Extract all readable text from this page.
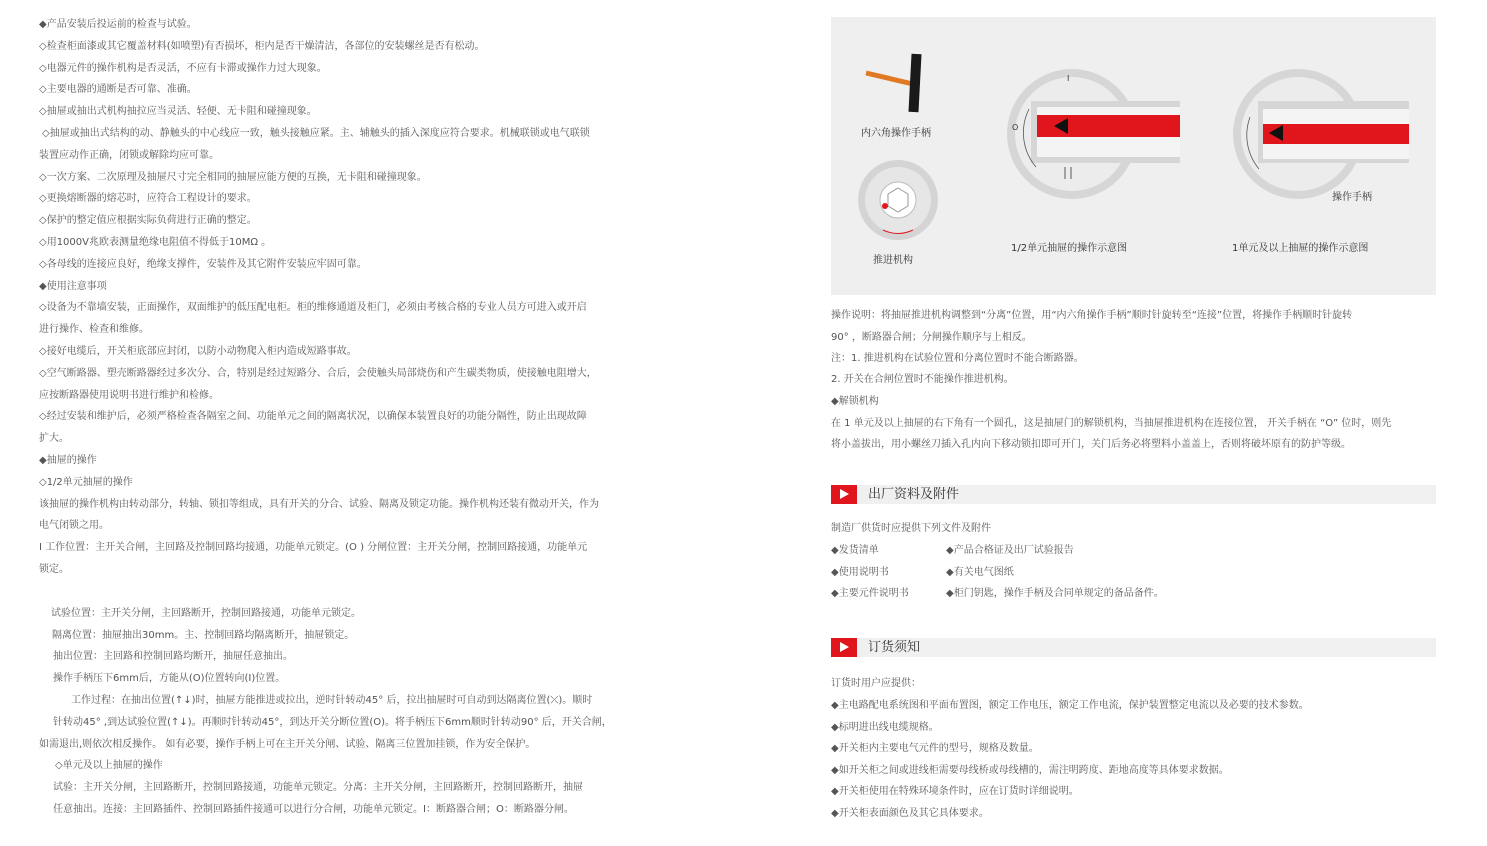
◆产品安装后投运前的检查与试验。

◇检查柜面漆或其它覆盖材料(如喷塑)有否损坏，柜内是否干燥清洁，各部位的安装螺丝是否有松动。

◇电器元件的操作机构是否灵活，不应有卡滞或操作力过大现象。

◇主要电器的通断是否可靠、准确。

◇抽屉或抽出式机构抽拉应当灵活、轻便、无卡阻和碰撞现象。

◇抽屉或抽出式结构的动、静触头的中心线应一致，触头接触应紧。主、辅触头的插入深度应符合要求。机械联锁或电气联锁

装置应动作正确，闭锁或解除均应可靠。

◇一次方案、二次原理及抽屉尺寸完全相同的抽屉应能方便的互换，无卡阻和碰撞现象。

◇更换熔断器的熔芯时，应符合工程设计的要求。

◇保护的整定值应根据实际负荷进行正确的整定。

◇用1000V兆欧表测量绝缘电阻值不得低于10MΩ 。

◇各母线的连接应良好，绝缘支撑件，安装件及其它附件安装应牢固可靠。

◆使用注意事项

◇设备为不靠墙安装，正面操作，双面维护的低压配电柜。柜的维修通道及柜门，必须由考核合格的专业人员方可进入或开启

进行操作、检查和维修。

◇接好电缆后，开关柜底部应封闭，以防小动物爬入柜内造成短路事故。

◇空气断路器、塑壳断路器经过多次分、合，特别是经过短路分、合后，会使触头局部烧伤和产生碳类物质，使接触电阻增大，

应按断路器使用说明书进行维护和检修。

◇经过安装和维护后，必须严格检查各隔室之间、功能单元之间的隔离状况，以确保本装置良好的功能分隔性，防止出现故障

扩大。

◆抽屉的操作

◇1/2单元抽屉的操作

该抽屉的操作机构由转动部分，转轴、锁扣等组成，具有开关的分合、试验、隔离及锁定功能。操作机构还装有微动开关，作为

电气闭锁之用。

I 工作位置：主开关合闸，主回路及控制回路均接通，功能单元锁定。(O ) 分闸位置：主开关分闸，控制回路接通，功能单元

锁定。

试验位置：主开关分闸，主回路断开，控制回路接通，功能单元锁定。

隔离位置：抽屉抽出30mm。主、控制回路均隔离断开，抽屉锁定。

抽出位置：主回路和控制回路均断开，抽屉任意抽出。

操作手柄压下6mm后，方能从(O)位置转向(I)位置。

工作过程：在抽出位置(↑↓)时，抽屉方能推进或拉出，逆时针转动45° 后，拉出抽屉时可自动到达隔离位置(⤫)。顺时

针转动45° ,到达试验位置(↑↓)。再顺时针转动45°，到达开关分断位置(O)。将手柄压下6mm顺时针转动90° 后，开关合闸，

如需退出,则依次相反操作。 如有必要，操作手柄上可在主开关分闸、试验、隔离三位置加挂锁，作为安全保护。

◇单元及以上抽屉的操作

试验：主开关分闸，主回路断开，控制回路接通，功能单元锁定。分离：主开关分闸，主回路断开，控制回路断开，抽屉

任意抽出。连接：主回路插件、控制回路插件接通可以进行分合闸，功能单元锁定。I：断路器合闸；O：断路器分闸。

内六角操作手柄
推进机构
1/2单元抽屉的操作示意图	1单元及以上抽屉的操作示意图
操作手柄
I
O

操作说明：将抽屉推进机构调整到“分离”位置，用“内六角操作手柄”顺时针旋转至“连接”位置，将操作手柄顺时针旋转

90° ，断路器合闸；分闸操作顺序与上相反。

注：1. 推进机构在试验位置和分离位置时不能合断路器。

2. 开关在合闸位置时不能操作推进机构。

◆解锁机构

在 1 单元及以上抽屉的右下角有一个圆孔，这是抽屉门的解锁机构，当抽屉推进机构在连接位置， 开关手柄在 “O” 位时，则先

将小盖拔出，用小螺丝刀插入孔内向下移动锁扣即可开门，关门后务必将塑料小盖盖上，否则将破坏原有的防护等级。

出厂资料及附件

制造厂供货时应提供下列文件及附件

◆发货清单	◆产品合格证及出厂试验报告
◆使用说明书	◆有关电气图纸
◆主要元件说明书	◆柜门钥匙，操作手柄及合同单规定的备品备件。
订货须知

订货时用户应提供：

◆主电路配电系统图和平面布置图，额定工作电压，额定工作电流，保护装置整定电流以及必要的技术参数。

◆标明进出线电缆规格。

◆开关柜内主要电气元件的型号，规格及数量。

◆如开关柜之间或进线柜需要母线桥或母线槽的，需注明跨度、距地高度等具体要求数据。

◆开关柜使用在特殊环境条件时，应在订货时详细说明。

◆开关柜表面颜色及其它具体要求。
